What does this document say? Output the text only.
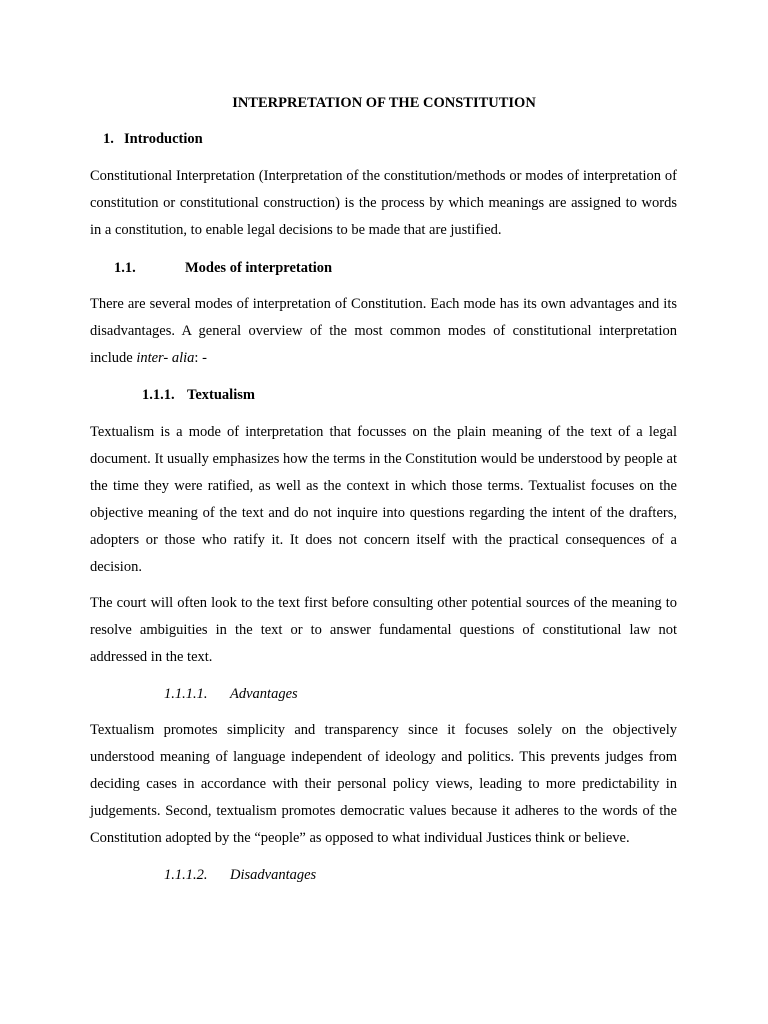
INTERPRETATION OF THE CONSTITUTION

1. Introduction

Constitutional Interpretation (Interpretation of the constitution/methods or modes of interpretation of constitution or constitutional construction) is the process by which meanings are assigned to words in a constitution, to enable legal decisions to be made that are justified.

1.1.	Modes of interpretation

There are several modes of interpretation of Constitution. Each mode has its own advantages and its disadvantages. A general overview of the most common modes of constitutional interpretation include inter- alia: -

1.1.1. Textualism

Textualism is a mode of interpretation that focusses on the plain meaning of the text of a legal document. It usually emphasizes how the terms in the Constitution would be understood by people at the time they were ratified, as well as the context in which those terms. Textualist focuses on the objective meaning of the text and do not inquire into questions regarding the intent of the drafters, adopters or those who ratify it. It does not concern itself with the practical consequences of a decision.

The court will often look to the text first before consulting other potential sources of the meaning to resolve ambiguities in the text or to answer fundamental questions of constitutional law not addressed in the text.

1.1.1.1. Advantages

Textualism promotes simplicity and transparency since it focuses solely on the objectively understood meaning of language independent of ideology and politics. This prevents judges from deciding cases in accordance with their personal policy views, leading to more predictability in judgements. Second, textualism promotes democratic values because it adheres to the words of the Constitution adopted by the “people” as opposed to what individual Justices think or believe.

1.1.1.2. Disadvantages
